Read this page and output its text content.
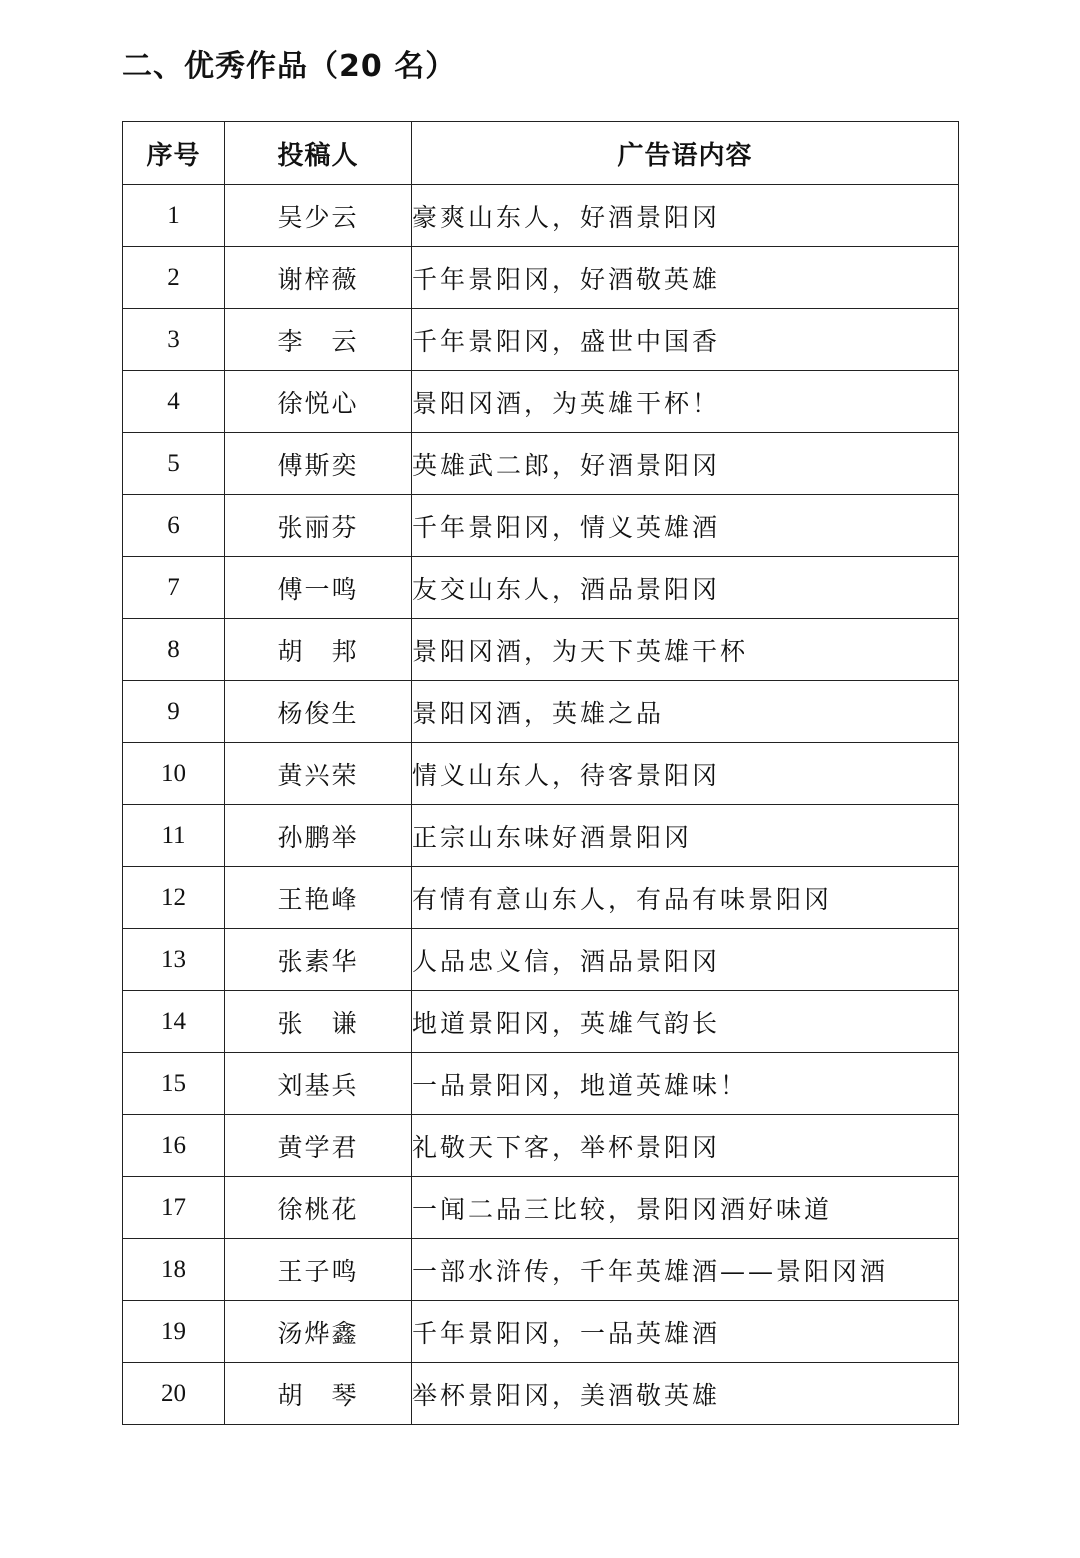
二、优秀作品（20 名）
序号	投稿人	广告语内容
1	吴少云	豪爽山东人，好酒景阳冈
2	谢梓薇	千年景阳冈，好酒敬英雄
3	李　云	千年景阳冈，盛世中国香
4	徐悦心	景阳冈酒，为英雄干杯！
5	傅斯奕	英雄武二郎，好酒景阳冈
6	张丽芬	千年景阳冈，情义英雄酒
7	傅一鸣	友交山东人，酒品景阳冈
8	胡　邦	景阳冈酒，为天下英雄干杯
9	杨俊生	景阳冈酒，英雄之品
10	黄兴荣	情义山东人，待客景阳冈
11	孙鹏举	正宗山东味好酒景阳冈
12	王艳峰	有情有意山东人，有品有味景阳冈
13	张素华	人品忠义信，酒品景阳冈
14	张　谦	地道景阳冈，英雄气韵长
15	刘基兵	一品景阳冈，地道英雄味！
16	黄学君	礼敬天下客，举杯景阳冈
17	徐桃花	一闻二品三比较，景阳冈酒好味道
18	王子鸣	一部水浒传，千年英雄酒——景阳冈酒
19	汤烨鑫	千年景阳冈，一品英雄酒
20	胡　琴	举杯景阳冈，美酒敬英雄
